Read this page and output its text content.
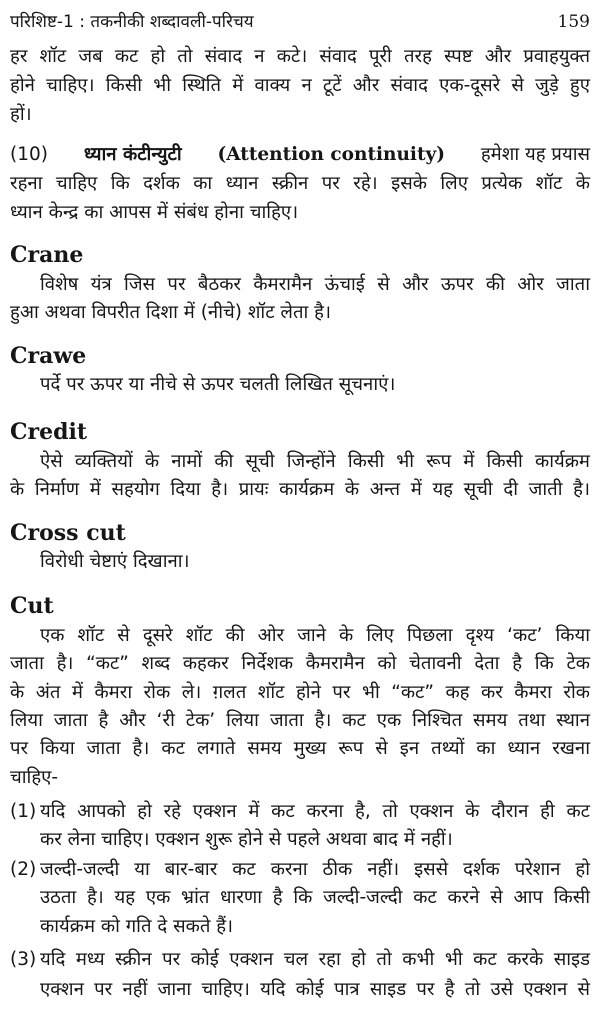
परिशिष्ट-1 : तकनीकी शब्दावली-परिचय	159
हर शॉट जब कट हो तो संवाद न कटे। संवाद पूरी तरह स्पष्ट और प्रवाहयुक्त
होने चाहिए। किसी भी स्थिति में वाक्य न टूटें और संवाद एक-दूसरे से जुड़े हुए
हों।
(10) ध्यान कंटीन्युटी (Attention continuity) हमेशा यह प्रयास
रहना चाहिए कि दर्शक का ध्यान स्क्रीन पर रहे। इसके लिए प्रत्येक शॉट के
ध्यान केन्द्र का आपस में संबंध होना चाहिए।
Crane
विशेष यंत्र जिस पर बैठकर कैमरामैन ऊंचाई से और ऊपर की ओर जाता
हुआ अथवा विपरीत दिशा में (नीचे) शॉट लेता है।
Crawe
पर्दे पर ऊपर या नीचे से ऊपर चलती लिखित सूचनाएं।
Credit
ऐसे व्यक्तियों के नामों की सूची जिन्होंने किसी भी रूप में किसी कार्यक्रम
के निर्माण में सहयोग दिया है। प्रायः कार्यक्रम के अन्त में यह सूची दी जाती है।
Cross cut
विरोधी चेष्टाएं दिखाना।
Cut
एक शॉट से दूसरे शॉट की ओर जाने के लिए पिछला दृश्य ‘कट’ किया
जाता है। “कट” शब्द कहकर निर्देशक कैमरामैन को चेतावनी देता है कि टेक
के अंत में कैमरा रोक ले। ग़लत शॉट होने पर भी “कट” कह कर कैमरा रोक
लिया जाता है और ‘री टेक’ लिया जाता है। कट एक निश्चित समय तथा स्थान
पर किया जाता है। कट लगाते समय मुख्य रूप से इन तथ्यों का ध्यान रखना
चाहिए-
(1) यदि आपको हो रहे एक्शन में कट करना है, तो एक्शन के दौरान ही कट
कर लेना चाहिए। एक्शन शुरू होने से पहले अथवा बाद में नहीं।
(2) जल्दी-जल्दी या बार-बार कट करना ठीक नहीं। इससे दर्शक परेशान हो
उठता है। यह एक भ्रांत धारणा है कि जल्दी-जल्दी कट करने से आप किसी
कार्यक्रम को गति दे सकते हैं।
(3) यदि मध्य स्क्रीन पर कोई एक्शन चल रहा हो तो कभी भी कट करके साइड
एक्शन पर नहीं जाना चाहिए। यदि कोई पात्र साइड पर है तो उसे एक्शन से
